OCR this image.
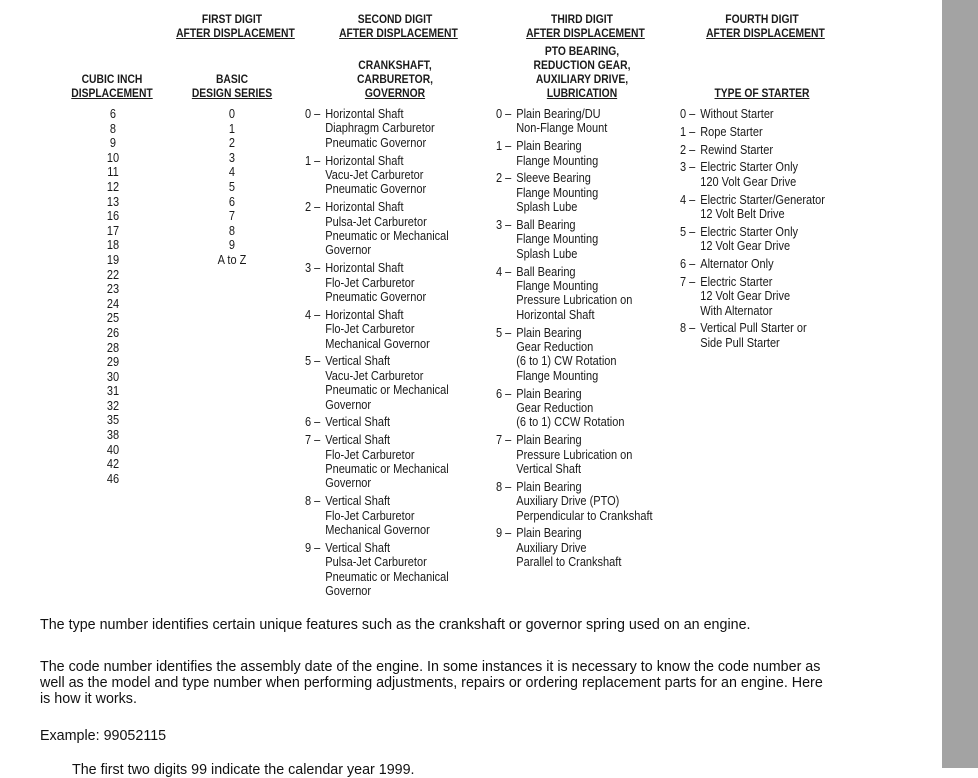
CUBIC INCH
DISPLACEMENT
FIRST DIGIT
AFTER DISPLACEMENT
BASIC
DESIGN SERIES
SECOND DIGIT
AFTER DISPLACEMENT
CRANKSHAFT,
CARBURETOR,
GOVERNOR
THIRD DIGIT
AFTER DISPLACEMENT
PTO BEARING,
REDUCTION GEAR,
AUXILIARY DRIVE,
LUBRICATION
FOURTH DIGIT
AFTER DISPLACEMENT
TYPE OF STARTER
6
8
9
10
11
12
13
16
17
18
19
22
23
24
25
26
28
29
30
31
32
35
38
40
42
46
0
1
2
3
4
5
6
7
8
9
A to Z
0 – Horizontal Shaft
Diaphragm Carburetor
Pneumatic Governor
1 – Horizontal Shaft
Vacu-Jet Carburetor
Pneumatic Governor
2 – Horizontal Shaft
Pulsa-Jet Carburetor
Pneumatic or Mechanical
Governor
3 – Horizontal Shaft
Flo-Jet Carburetor
Pneumatic Governor
4 – Horizontal Shaft
Flo-Jet Carburetor
Mechanical Governor
5 – Vertical Shaft
Vacu-Jet Carburetor
Pneumatic or Mechanical
Governor
6 – Vertical Shaft
7 – Vertical Shaft
Flo-Jet Carburetor
Pneumatic or Mechanical
Governor
8 – Vertical Shaft
Flo-Jet Carburetor
Mechanical Governor
9 – Vertical Shaft
Pulsa-Jet Carburetor
Pneumatic or Mechanical
Governor
0 – Plain Bearing/DU
Non-Flange Mount
1 – Plain Bearing
Flange Mounting
2 – Sleeve Bearing
Flange Mounting
Splash Lube
3 – Ball Bearing
Flange Mounting
Splash Lube
4 – Ball Bearing
Flange Mounting
Pressure Lubrication on
Horizontal Shaft
5 – Plain Bearing
Gear Reduction
(6 to 1) CW Rotation
Flange Mounting
6 – Plain Bearing
Gear Reduction
(6 to 1) CCW Rotation
7 – Plain Bearing
Pressure Lubrication on
Vertical Shaft
8 – Plain Bearing
Auxiliary Drive (PTO)
Perpendicular to Crankshaft
9 – Plain Bearing
Auxiliary Drive
Parallel to Crankshaft
0 – Without Starter
1 – Rope Starter
2 – Rewind Starter
3 – Electric Starter Only
120 Volt Gear Drive
4 – Electric Starter/Generator
12 Volt Belt Drive
5 – Electric Starter Only
12 Volt Gear Drive
6 – Alternator Only
7 – Electric Starter
12 Volt Gear Drive
With Alternator
8 – Vertical Pull Starter or
Side Pull Starter
The type number identifies certain unique features such as the crankshaft or governor spring used on an engine.
The code number identifies the assembly date of the engine. In some instances it is necessary to know the code number as well as the model and type number when performing adjustments, repairs or ordering replacement parts for an engine. Here is how it works.
Example: 99052115
The first two digits 99 indicate the calendar year 1999.
